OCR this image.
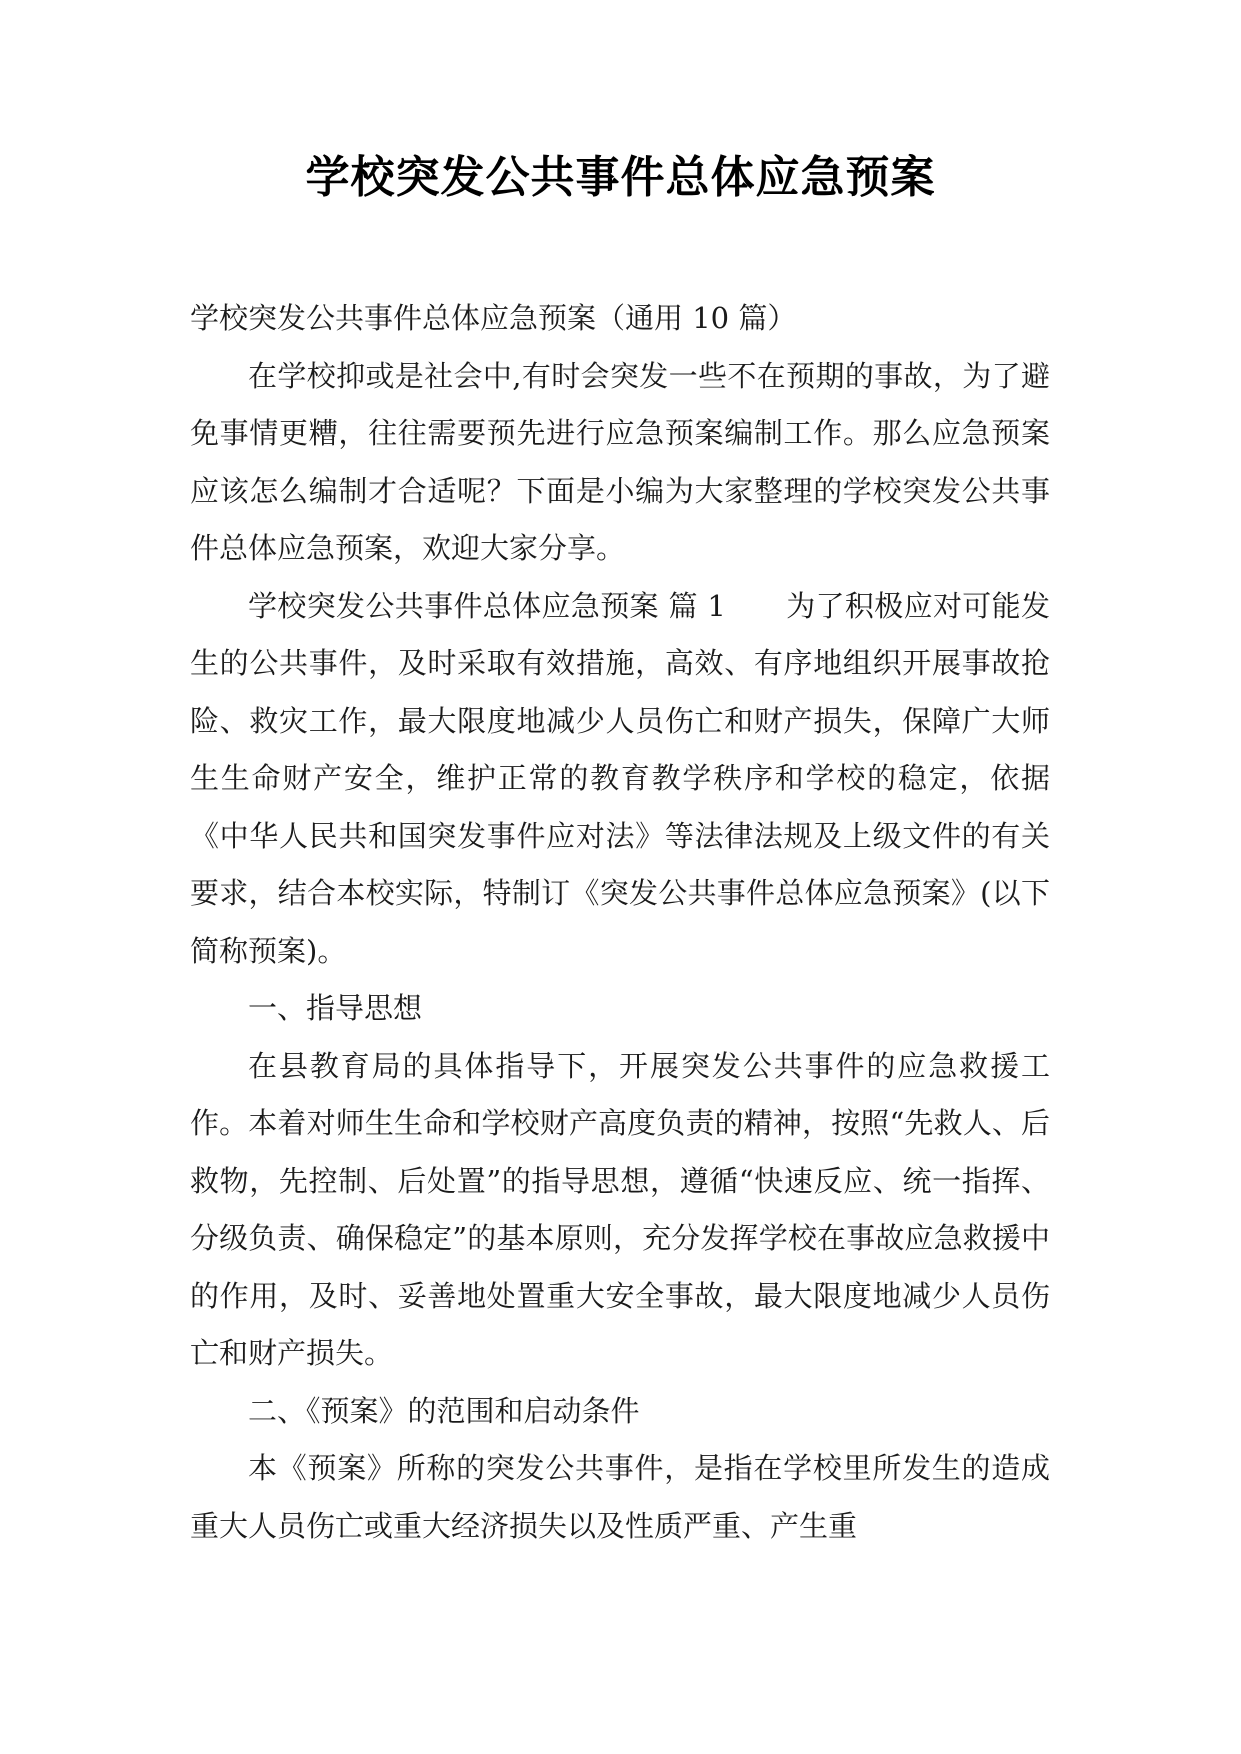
学校突发公共事件总体应急预案

学校突发公共事件总体应急预案（通用 10 篇）

在学校抑或是社会中,有时会突发一些不在预期的事故，为了避免事情更糟，往往需要预先进行应急预案编制工作。那么应急预案应该怎么编制才合适呢？下面是小编为大家整理的学校突发公共事件总体应急预案，欢迎大家分享。

学校突发公共事件总体应急预案 篇 1 为了积极应对可能发生的公共事件，及时采取有效措施，高效、有序地组织开展事故抢险、救灾工作，最大限度地减少人员伤亡和财产损失，保障广大师生生命财产安全，维护正常的教育教学秩序和学校的稳定，依据《中华人民共和国突发事件应对法》等法律法规及上级文件的有关要求，结合本校实际，特制订《突发公共事件总体应急预案》(以下简称预案)。

一、指导思想

在县教育局的具体指导下，开展突发公共事件的应急救援工作。本着对师生生命和学校财产高度负责的精神，按照“先救人、后救物，先控制、后处置”的指导思想，遵循“快速反应、统一指挥、分级负责、确保稳定”的基本原则，充分发挥学校在事故应急救援中的作用，及时、妥善地处置重大安全事故，最大限度地减少人员伤亡和财产损失。

二、《预案》的范围和启动条件

本《预案》所称的突发公共事件，是指在学校里所发生的造成重大人员伤亡或重大经济损失以及性质严重、产生重
